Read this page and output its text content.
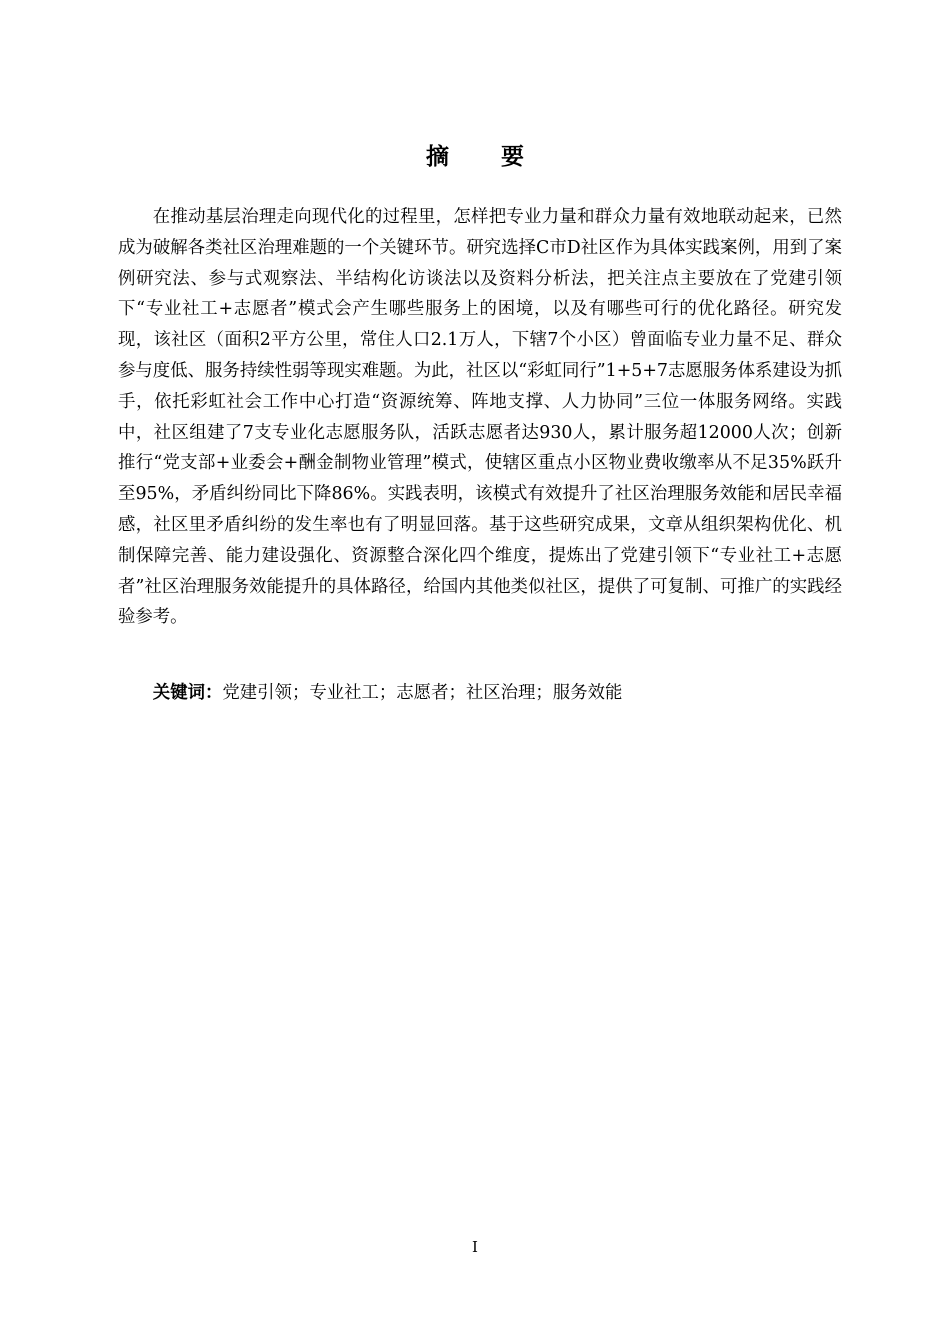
摘 要

在推动基层治理走向现代化的过程里，怎样把专业力量和群众力量有效地联动起来，已然成为破解各类社区治理难题的一个关键环节。研究选择C市D社区作为具体实践案例，用到了案例研究法、参与式观察法、半结构化访谈法以及资料分析法，把关注点主要放在了党建引领下“专业社工+志愿者”模式会产生哪些服务上的困境，以及有哪些可行的优化路径。研究发现，该社区（面积2平方公里，常住人口2.1万人，下辖7个小区）曾面临专业力量不足、群众参与度低、服务持续性弱等现实难题。为此，社区以“彩虹同行”1+5+7志愿服务体系建设为抓手，依托彩虹社会工作中心打造“资源统筹、阵地支撑、人力协同”三位一体服务网络。实践中，社区组建了7支专业化志愿服务队，活跃志愿者达930人，累计服务超12000人次；创新推行“党支部+业委会+酬金制物业管理”模式，使辖区重点小区物业费收缴率从不足35%跃升至95%，矛盾纠纷同比下降86%。实践表明，该模式有效提升了社区治理服务效能和居民幸福感，社区里矛盾纠纷的发生率也有了明显回落。基于这些研究成果，文章从组织架构优化、机制保障完善、能力建设强化、资源整合深化四个维度，提炼出了党建引领下“专业社工+志愿者”社区治理服务效能提升的具体路径，给国内其他类似社区，提供了可复制、可推广的实践经验参考。

关键词：党建引领；专业社工；志愿者；社区治理；服务效能

I
